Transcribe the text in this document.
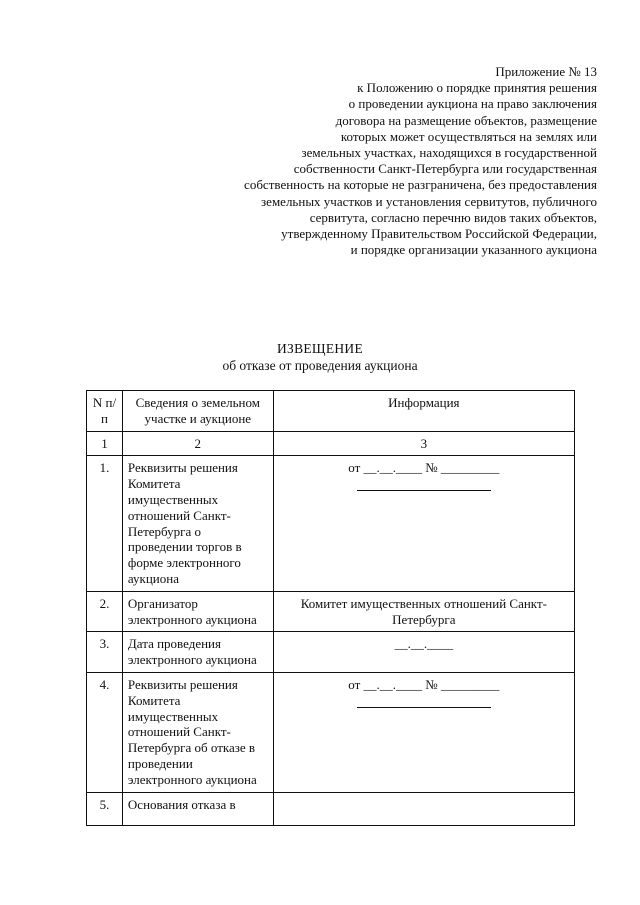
Приложение № 13
к Положению о порядке принятия решения
о проведении аукциона на право заключения
договора на размещение объектов, размещение
которых может осуществляться на землях или
земельных участках, находящихся в государственной
собственности Санкт-Петербурга или государственная
собственность на которые не разграничена, без предоставления
земельных участков и установления сервитутов, публичного
сервитута, согласно перечню видов таких объектов,
утвержденному Правительством Российской Федерации,
и порядке организации указанного аукциона
ИЗВЕЩЕНИЕ
об отказе от проведения аукциона
N п/п	Сведения о земельном участке и аукционе	Информация
1	2	3
1.	Реквизиты решения Комитета имущественных отношений Санкт-Петербурга о проведении торгов в форме электронного аукциона	от __.__.____ № _________

2.	Организатор электронного аукциона	Комитет имущественных отношений Санкт-Петербурга
3.	Дата проведения электронного аукциона	__.__.____
4.	Реквизиты решения Комитета имущественных отношений Санкт-Петербурга об отказе в проведении электронного аукциона	от __.__.____ № _________

5.	Основания отказа в	
